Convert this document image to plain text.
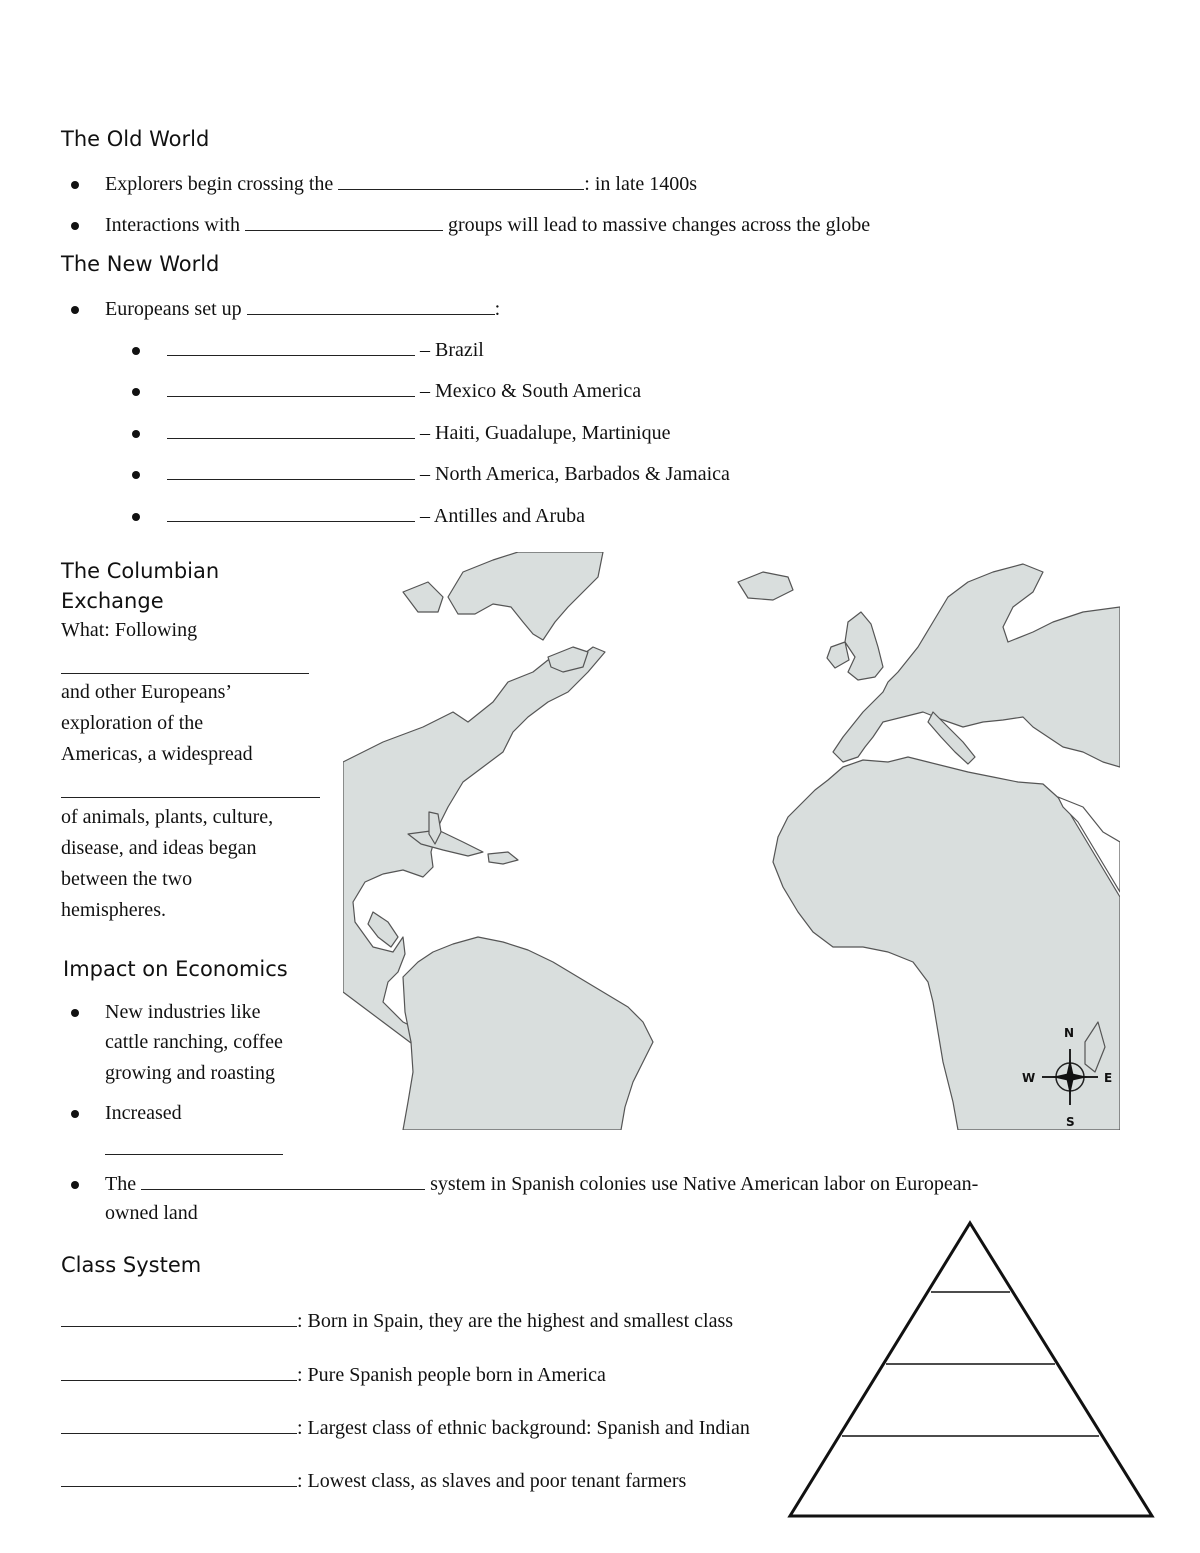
The Old World
Explorers begin crossing the	: in late 1400s
Interactions with	groups will lead to massive changes across the globe
The New World
Europeans set up	:
– Brazil
– Mexico & South America
– Haiti, Guadalupe, Martinique
– North America, Barbados & Jamaica
– Antilles and Aruba
The Columbian
Exchange
What: Following
and other Europeans’
exploration of the
Americas, a widespread
of animals, plants, culture,
disease, and ideas began
between the two
hemispheres.
Impact on Economics
New industries like
cattle ranching, coffee
growing and roasting
Increased
The	system in Spanish colonies use Native American labor on European-
owned land
N
S
E
W
Class System
: Born in Spain, they are the highest and smallest class
: Pure Spanish people born in America
: Largest class of ethnic background: Spanish and Indian
: Lowest class, as slaves and poor tenant farmers
